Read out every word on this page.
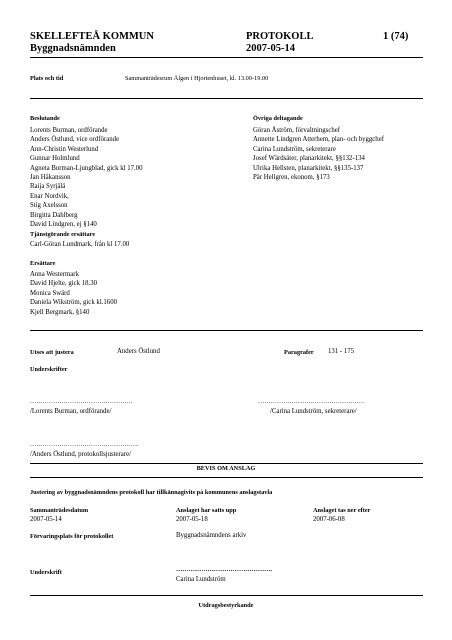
SKELLEFTEÅ KOMMUN
Byggnadsnämnden
PROTOKOLL
2007-05-14
1 (74)
Plats och tid	Sammanträdesrum Älgen i Hjortenhuset, kl. 13.00-19.00
Beslutande
Lorents Burman, ordförande
Anders Östlund, vice ordförande
Ann-Christin Westerlund
Gunnar Holmlund
Agneta Burman-Ljungblad, gick kl 17.00
Jan Håkansson
Raija Syrjälä
Enar Nordvik,
Stig Axelsson
Birgitta Dahlberg
David Lindgren, ej §140
Tjänstgörande ersättare
Carl-Göran Lundmark, från kl 17.00
Ersättare
Anna Westermark
David Hjelte, gick 18.30
Monica Swärd
Daniela Wikström, gick kl.1600
Kjell Bergmark, §140
Övriga deltagande
Göran Åström, förvaltningschef
Annette Lindgren Atterhem, plan- och byggchef
Carina Lundström, sekreterare
Josef Wärdsäter, planarkitekt, §§132-134
Ulrika Hellsten, planarkitekt, §§135-137
Pär Hellgren, ekonom, §173
Utses att justera	Anders Östlund	Paragrafer 131 - 175
Underskrifter
………………………………………….	……………………………………………
/Lorents Burman, ordförande/	/Carina Lundström, sekreterare/
…………………………………………….
/Anders Östlund, protokollsjusterare/
BEVIS OM ANSLAG
Justering av byggnadsnämndens protokoll har tillkännagivits på kommunens anslagstavla
Sammanträdesdatum
2007-05-14
Anslaget har satts upp
2007-05-18
Anslaget tas ner efter
2007-06-08
Förvaringsplats för protokollet	Byggnadsnämndens arkiv
Underskrift	……………………………………….
Carina Lundström
Utdragsbestyrkande
